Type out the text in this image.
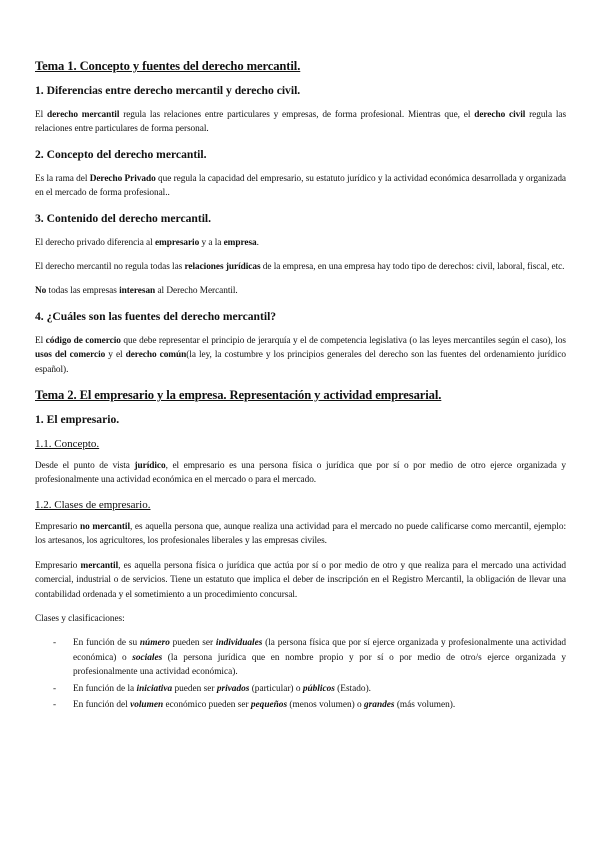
Tema 1. Concepto y fuentes del derecho mercantil.
1. Diferencias entre derecho mercantil y derecho civil.

El derecho mercantil regula las relaciones entre particulares y empresas, de forma profesional. Mientras que, el derecho civil regula las relaciones entre particulares de forma personal.

2. Concepto del derecho mercantil.

Es la rama del Derecho Privado que regula la capacidad del empresario, su estatuto jurídico y la actividad económica desarrollada y organizada en el mercado de forma profesional..

3. Contenido del derecho mercantil.

El derecho privado diferencia al empresario y a la empresa.

El derecho mercantil no regula todas las relaciones jurídicas de la empresa, en una empresa hay todo tipo de derechos: civil, laboral, fiscal, etc.

No todas las empresas interesan al Derecho Mercantil.

4. ¿Cuáles son las fuentes del derecho mercantil?

El código de comercio que debe representar el principio de jerarquía y el de competencia legislativa (o las leyes mercantiles según el caso), los usos del comercio y el derecho común(la ley, la costumbre y los principios generales del derecho son las fuentes del ordenamiento jurídico español).

Tema 2. El empresario y la empresa. Representación y actividad empresarial.
1. El empresario.
1.1. Concepto.

Desde el punto de vista jurídico, el empresario es una persona física o jurídica que por sí o por medio de otro ejerce organizada y profesionalmente una actividad económica en el mercado o para el mercado.

1.2. Clases de empresario.

Empresario no mercantil, es aquella persona que, aunque realiza una actividad para el mercado no puede calificarse como mercantil, ejemplo: los artesanos, los agricultores, los profesionales liberales y las empresas civiles.

Empresario mercantil, es aquella persona física o jurídica que actúa por sí o por medio de otro y que realiza para el mercado una actividad comercial, industrial o de servicios. Tiene un estatuto que implica el deber de inscripción en el Registro Mercantil, la obligación de llevar una contabilidad ordenada y el sometimiento a un procedimiento concursal.

Clases y clasificaciones:

- En función de su número pueden ser individuales (la persona física que por sí ejerce organizada y profesionalmente una actividad económica) o sociales (la persona jurídica que en nombre propio y por sí o por medio de otro/s ejerce organizada y profesionalmente una actividad económica).
- En función de la iniciativa pueden ser privados (particular) o públicos (Estado).
- En función del volumen económico pueden ser pequeños (menos volumen) o grandes (más volumen).
